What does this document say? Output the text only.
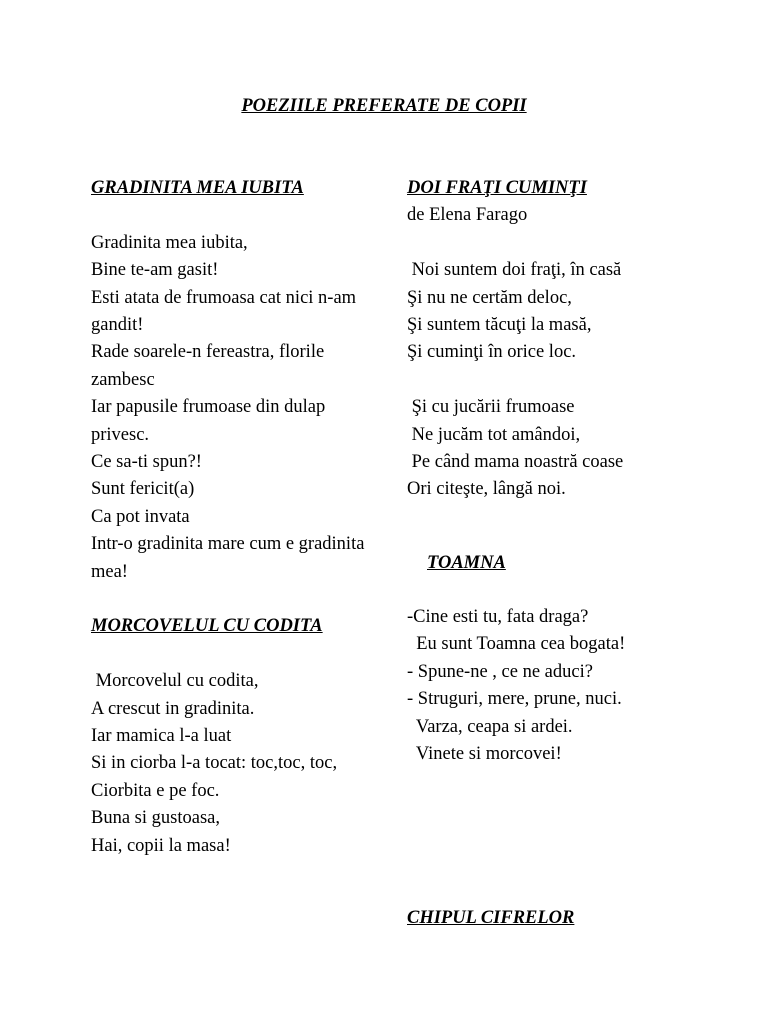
POEZIILE PREFERATE DE COPII

GRADINITA MEA IUBITA

Gradinita mea iubita,

Bine te-am gasit!

Esti atata de frumoasa cat nici n-am gandit!

Rade soarele-n fereastra, florile zambesc

Iar papusile frumoase din dulap privesc.

Ce sa-ti spun?!

Sunt fericit(a)

Ca pot invata

Intr-o gradinita mare cum e gradinita mea!

MORCOVELUL CU CODITA

Morcovelul cu codita,

A crescut in gradinita.

Iar mamica l-a luat

Si in ciorba l-a tocat: toc,toc, toc,

Ciorbita e pe foc.

Buna si gustoasa,

Hai, copii la masa!

DOI FRAŢI CUMINŢI

de Elena Farago

Noi suntem doi fraţi, în casă

Şi nu ne certăm deloc,

Şi suntem tăcuţi la masă,

Şi cuminţi în orice loc.

Şi cu jucării frumoase

Ne jucăm tot amândoi,

Pe când mama noastră coase

Ori citeşte, lângă noi.

TOAMNA

-Cine esti tu, fata draga?

Eu sunt Toamna cea bogata!

- Spune-ne , ce ne aduci?

- Struguri, mere, prune, nuci.

Varza, ceapa si ardei.

Vinete si morcovei!

CHIPUL CIFRELOR
